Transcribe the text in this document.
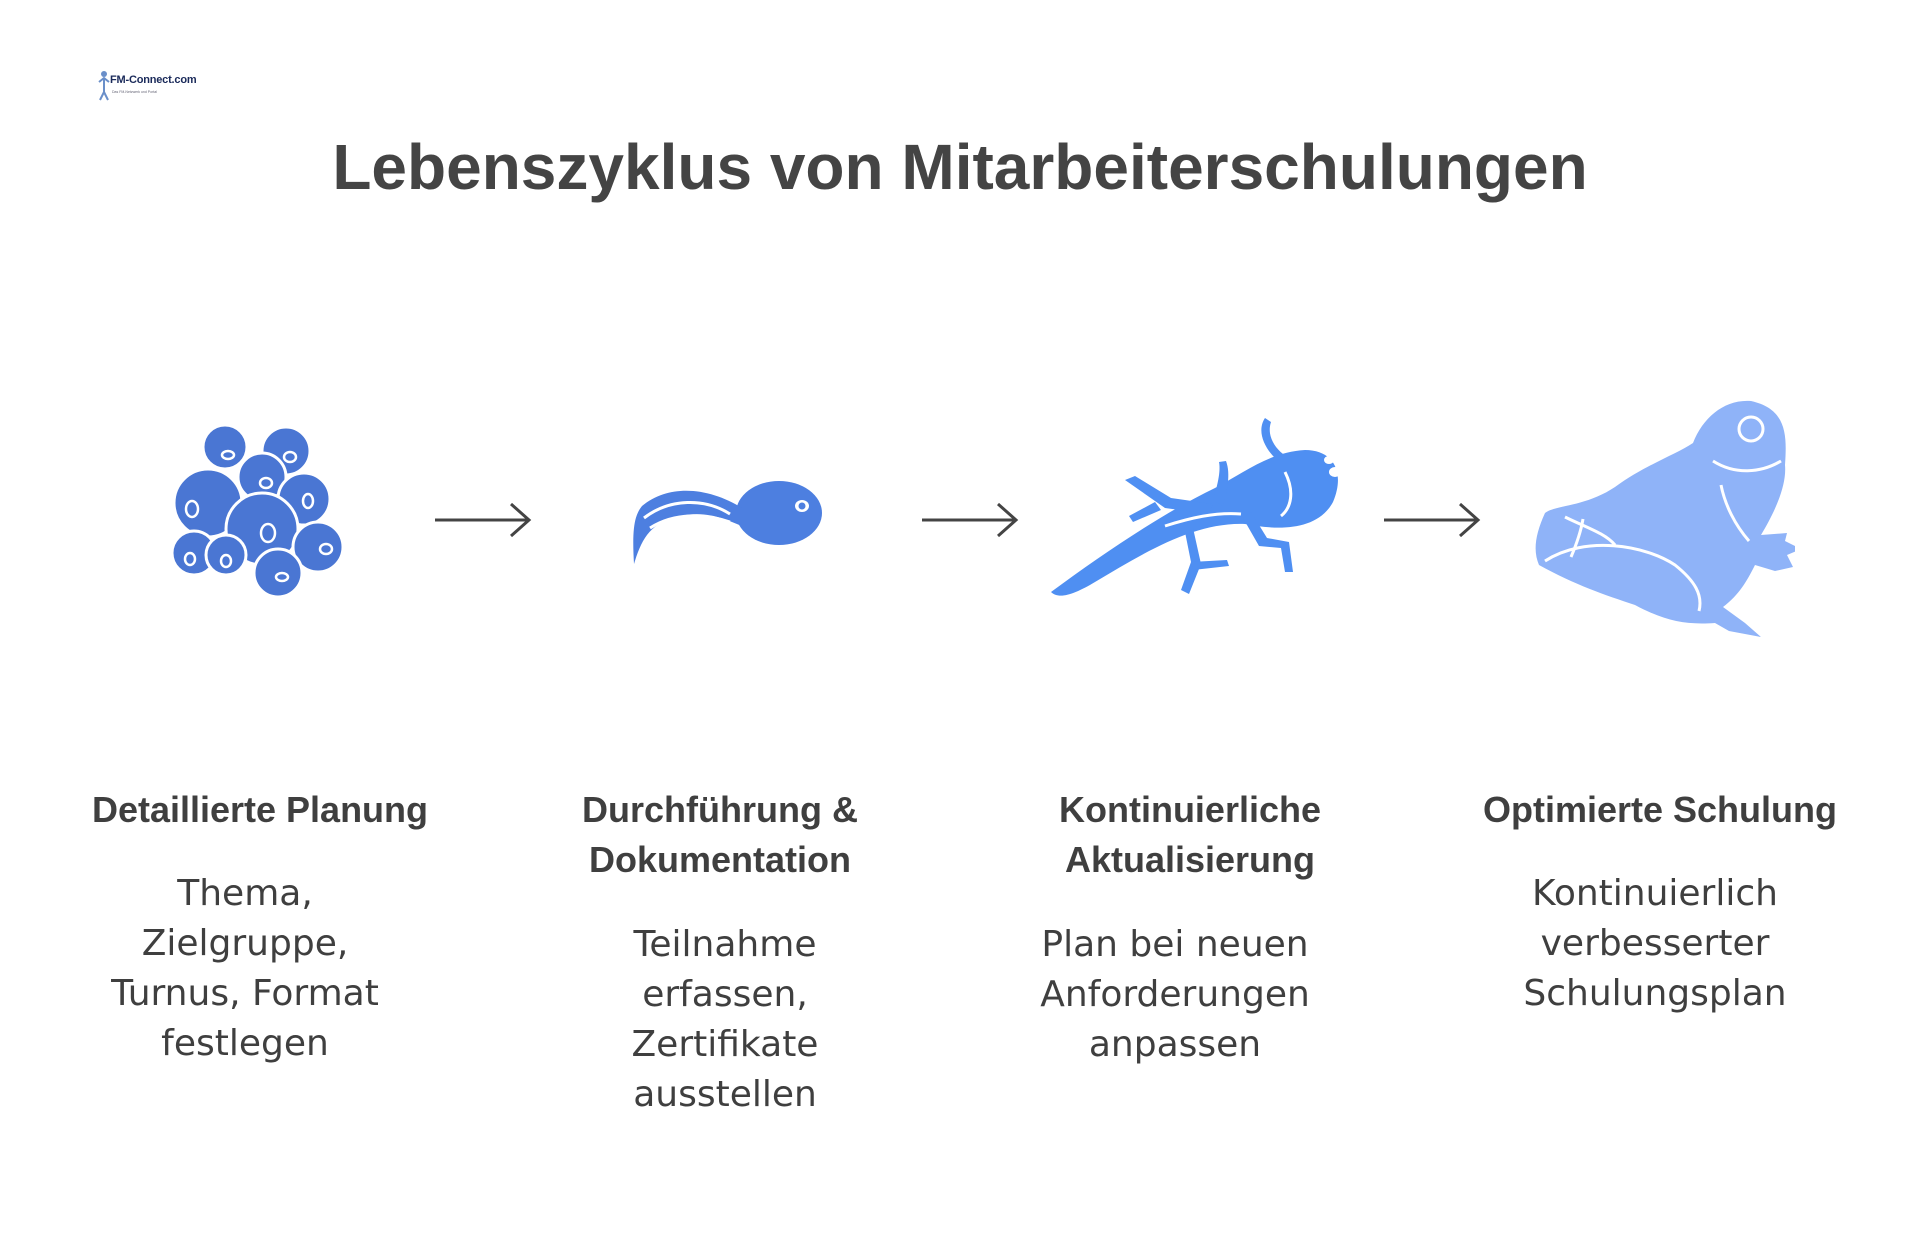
FM-Connect.com
Das FM-Netzwerk und Portal
Lebenszyklus von Mitarbeiterschulungen
Detaillierte Planung	Durchführung & Dokumentation
Kontinuierliche Aktualisierung
Optimierte Schulung
Thema, Zielgruppe, Turnus, Format festlegen
Teilnahme erfassen, Zertifikate ausstellen
Plan bei neuen Anforderungen anpassen
Kontinuierlich verbesserter Schulungsplan
